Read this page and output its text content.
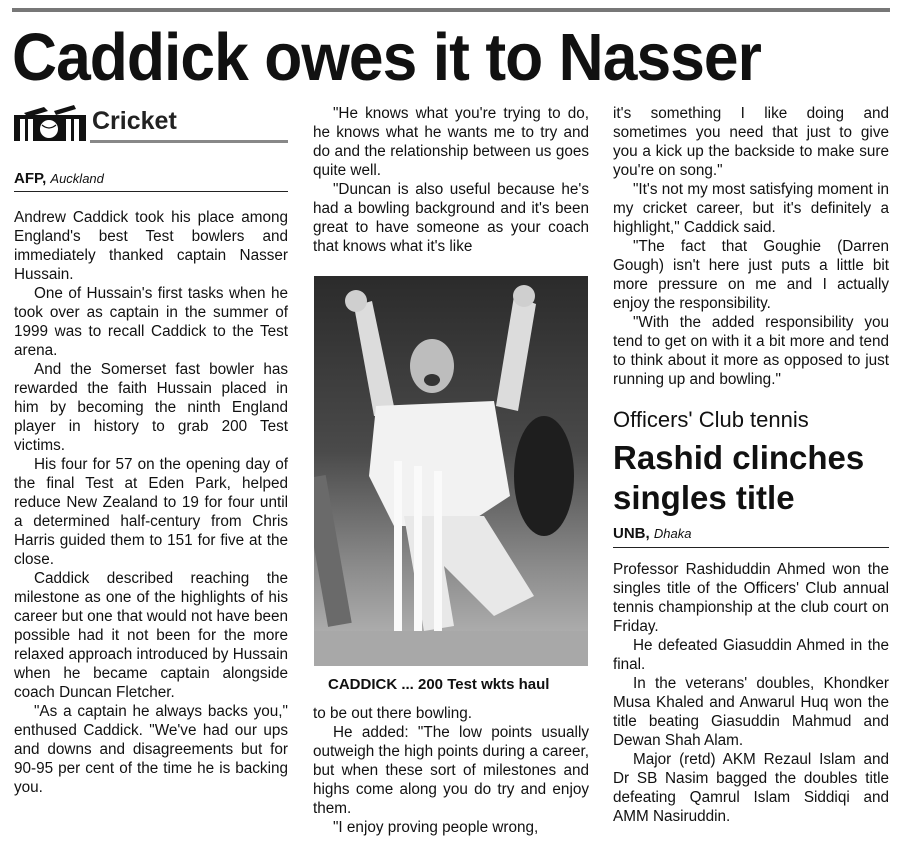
Caddick owes it to Nasser
Cricket
AFP, Auckland

Andrew Caddick took his place among England's best Test bowlers and immediately thanked captain Nasser Hussain.

One of Hussain's first tasks when he took over as captain in the summer of 1999 was to recall Caddick to the Test arena.

And the Somerset fast bowler has rewarded the faith Hussain placed in him by becoming the ninth England player in history to grab 200 Test victims.

His four for 57 on the opening day of the final Test at Eden Park, helped reduce New Zealand to 19 for four until a determined half-century from Chris Harris guided them to 151 for five at the close.

Caddick described reaching the milestone as one of the highlights of his career but one that would not have been possible had it not been for the more relaxed approach introduced by Hussain when he became captain alongside coach Duncan Fletcher.

"As a captain he always backs you," enthused Caddick. "We've had our ups and downs and disagreements but for 90-95 per cent of the time he is backing you.

"He knows what you're trying to do, he knows what he wants me to try and do and the relationship between us goes quite well.

"Duncan is also useful because he's had a bowling background and it's been great to have someone as your coach that knows what it's like

CADDICK ... 200 Test wkts haul

to be out there bowling.

He added: "The low points usually outweigh the high points during a career, but when these sort of milestones and highs come along you do try and enjoy them.

"I enjoy proving people wrong,

it's something I like doing and sometimes you need that just to give you a kick up the backside to make sure you're on song."

"It's not my most satisfying moment in my cricket career, but it's definitely a highlight," Caddick said.

"The fact that Goughie (Darren Gough) isn't here just puts a little bit more pressure on me and I actually enjoy the responsibility.

"With the added responsibility you tend to get on with it a bit more and tend to think about it more as opposed to just running up and bowling."

Officers' Club tennis
Rashid clinches
singles title
UNB, Dhaka

Professor Rashiduddin Ahmed won the singles title of the Officers' Club annual tennis championship at the club court on Friday.

He defeated Giasuddin Ahmed in the final.

In the veterans' doubles, Khondker Musa Khaled and Anwarul Huq won the title beating Giasuddin Mahmud and Dewan Shah Alam.

Major (retd) AKM Rezaul Islam and Dr SB Nasim bagged the doubles title defeating Qamrul Islam Siddiqi and AMM Nasiruddin.
